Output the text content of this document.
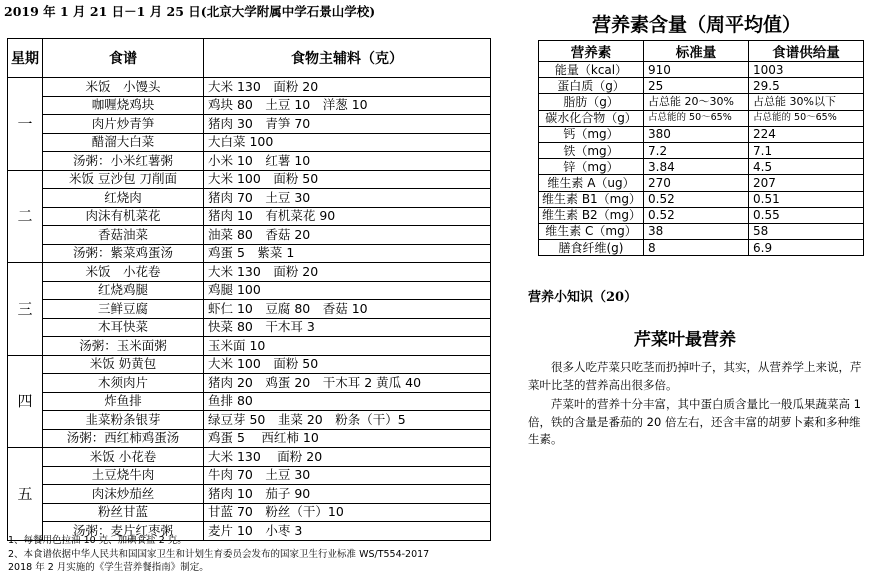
2019 年 1 月 21 日－1 月 25 日(北京大学附属中学石景山学校)
星期	食谱	食物主辅料（克）
一	米饭　小馒头	大米 130　面粉 20
	咖喱烧鸡块	鸡块 80　土豆 10　洋葱 10
	肉片炒青笋	猪肉 30　青笋 70
	醋溜大白菜	大白菜 100
	汤粥：小米红薯粥	小米 10　红薯 10
二	米饭 豆沙包 刀削面	大米 100　面粉 50
	红烧肉	猪肉 70　土豆 30
	肉沫有机菜花	猪肉 10　有机菜花 90
	香菇油菜	油菜 80　香菇 20
	汤粥：紫菜鸡蛋汤	鸡蛋 5　紫菜 1
三	米饭　小花卷	大米 130　面粉 20
	红烧鸡腿	鸡腿 100
	三鲜豆腐	虾仁 10　豆腐 80　香菇 10
	木耳快菜	快菜 80　干木耳 3
	汤粥：玉米面粥	玉米面 10
四	米饭 奶黄包	大米 100　面粉 50
	木须肉片	猪肉 20　鸡蛋 20　干木耳 2 黄瓜 40
	炸鱼排	鱼排 80
	韭菜粉条银芽	绿豆芽 50　韭菜 20　粉条（干）5
	汤粥：西红柿鸡蛋汤	鸡蛋 5　 西红柿 10
五	米饭 小花卷	大米 130　 面粉 20
	土豆烧牛肉	牛肉 70　土豆 30
	肉沫炒茄丝	猪肉 10　茄子 90
	粉丝甘蓝	甘蓝 70　粉丝（干）10
	汤粥：麦片红枣粥	麦片 10　小枣 3
1、每餐用色拉油 10 克、加碘食盐 2 克。
2、本食谱依据中华人民共和国国家卫生和计划生育委员会发布的国家卫生行业标准 WS/T554-2017
2018 年 2 月实施的《学生营养餐指南》制定。
营养素含量（周平均值）
营养素	标准量	食谱供给量
能量（kcal）	910	1003
蛋白质（g）	25	29.5
脂肪（g）	占总能 20～30%	占总能 30%以下
碳水化合物（g）	占总能的 50～65%	占总能的 50～65%
钙（mg）	380	224
铁（mg）	7.2	7.1
锌（mg）	3.84	4.5
维生素 A（ug）	270	207
维生素 B1（mg）	0.52	0.51
维生素 B2（mg）	0.52	0.55
维生素 C（mg）	38	58
膳食纤维(g)	8	6.9
营养小知识（20）
芹菜叶最营养

很多人吃芹菜只吃茎而扔掉叶子，其实，从营养学上来说，芹菜叶比茎的营养高出很多倍。

芹菜叶的营养十分丰富，其中蛋白质含量比一般瓜果蔬菜高 1 倍，铁的含量是番茄的 20 倍左右，还含丰富的胡萝卜素和多种维生素。
